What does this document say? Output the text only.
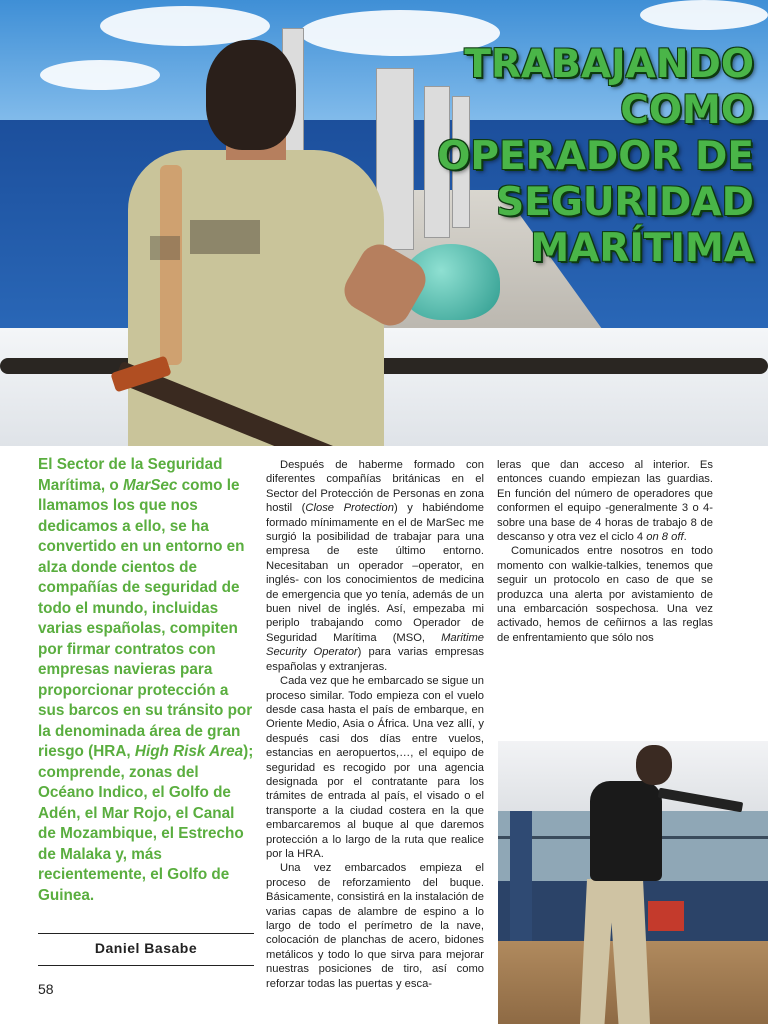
TRABAJANDO
COMO
OPERADOR DE
SEGURIDAD
MARÍTIMA

El Sector de la Seguridad Marítima, o MarSec como le llamamos los que nos dedicamos a ello, se ha convertido en un entorno en alza donde cientos de compañías de seguridad de todo el mundo, incluidas varias españolas, compiten por firmar contratos con empresas navieras para proporcionar protección a sus barcos en su tránsito por la denominada área de gran riesgo (HRA, High Risk Area); comprende, zonas del Océano Indico, el Golfo de Adén, el Mar Rojo, el Canal de Mozambique, el Estrecho de Malaka y, más recientemente, el Golfo de Guinea.

Daniel Basabe
58

Después de haberme formado con diferentes compañías británicas en el Sector del Protección de Personas en zona hostil (Close Protection) y habiéndome formado mínimamente en el de MarSec me surgió la posibilidad de trabajar para una empresa de este último entorno. Necesitaban un operador –operator, en inglés- con los conocimientos de medicina de emergencia que yo tenía, además de un buen nivel de inglés. Así, empezaba mi periplo trabajando como Operador de Seguridad Marítima (MSO, Maritime Security Operator) para varias empresas españolas y extranjeras.

Cada vez que he embarcado se sigue un proceso similar. Todo empieza con el vuelo desde casa hasta el país de embarque, en Oriente Medio, Asia o África. Una vez allí, y después casi dos días entre vuelos, estancias en aeropuertos,…, el equipo de seguridad es recogido por una agencia designada por el contratante para los trámites de entrada al país, el visado o el transporte a la ciudad costera en la que embarcaremos al buque al que daremos protección a lo largo de la ruta que realice por la HRA.

Una vez embarcados empieza el proceso de reforzamiento del buque. Básicamente, consistirá en la instalación de varias capas de alambre de espino a lo largo de todo el perímetro de la nave, colocación de planchas de acero, bidones metálicos y todo lo que sirva para mejorar nuestras posiciones de tiro, así como reforzar todas las puertas y esca-

leras que dan acceso al interior. Es entonces cuando empiezan las guardias. En función del número de operadores que conformen el equipo -generalmente 3 o 4- sobre una base de 4 horas de trabajo 8 de descanso y otra vez el ciclo 4 on 8 off.

Comunicados entre nosotros en todo momento con walkie-talkies, tenemos que seguir un protocolo en caso de que se produzca una alerta por avistamiento de una embarcación sospechosa. Una vez activado, hemos de ceñirnos a las reglas de enfrentamiento que sólo nos
